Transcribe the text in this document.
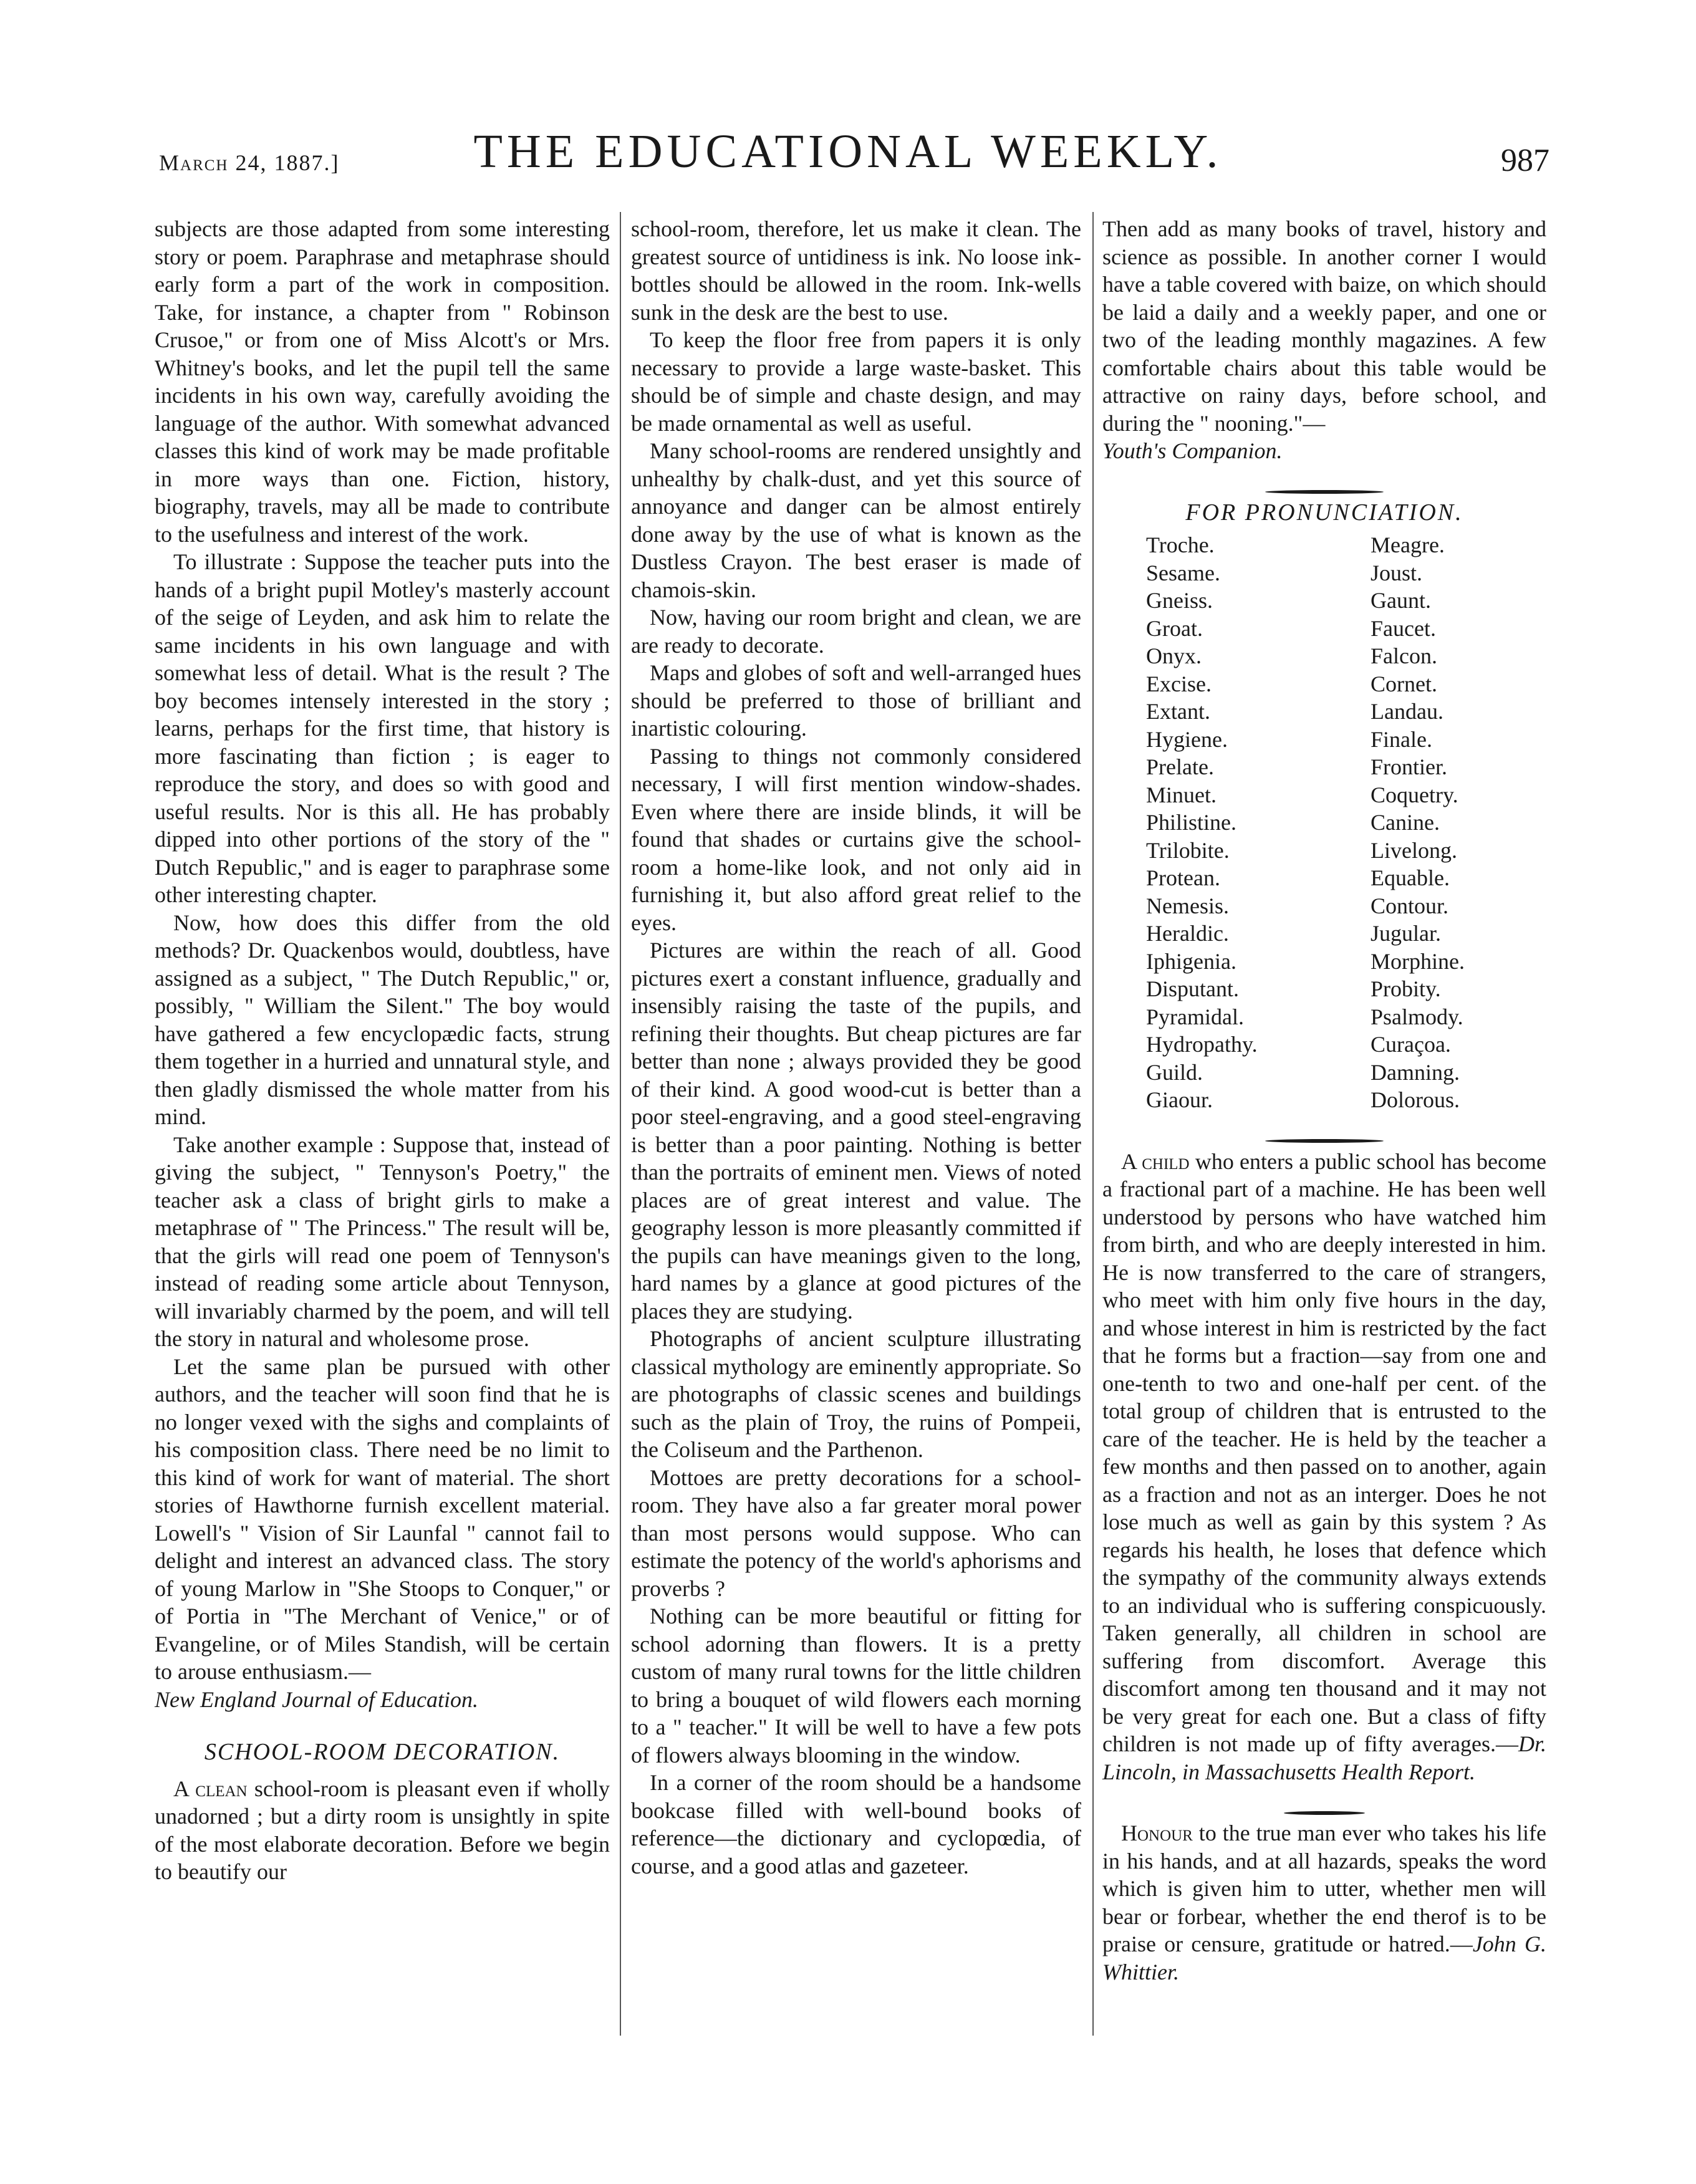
March 24, 1887.]	THE EDUCATIONAL WEEKLY.	987

subjects are those adapted from some interesting story or poem. Paraphrase and metaphrase should early form a part of the work in composition. Take, for instance, a chapter from " Robinson Crusoe," or from one of Miss Alcott's or Mrs. Whitney's books, and let the pupil tell the same incidents in his own way, carefully avoiding the language of the author. With somewhat advanced classes this kind of work may be made profitable in more ways than one. Fiction, history, biography, travels, may all be made to contribute to the usefulness and interest of the work.

To illustrate : Suppose the teacher puts into the hands of a bright pupil Motley's masterly account of the seige of Leyden, and ask him to relate the same incidents in his own language and with somewhat less of detail. What is the result ? The boy becomes intensely interested in the story ; learns, perhaps for the first time, that history is more fascinating than fiction ; is eager to reproduce the story, and does so with good and useful results. Nor is this all. He has probably dipped into other portions of the story of the " Dutch Republic," and is eager to paraphrase some other interesting chapter.

Now, how does this differ from the old methods? Dr. Quackenbos would, doubtless, have assigned as a subject, " The Dutch Republic," or, possibly, " William the Silent." The boy would have gathered a few encyclopædic facts, strung them together in a hurried and unnatural style, and then gladly dismissed the whole matter from his mind.

Take another example : Suppose that, instead of giving the subject, " Tennyson's Poetry," the teacher ask a class of bright girls to make a metaphrase of " The Princess." The result will be, that the girls will read one poem of Tennyson's instead of reading some article about Tennyson, will invariably charmed by the poem, and will tell the story in natural and wholesome prose.

Let the same plan be pursued with other authors, and the teacher will soon find that he is no longer vexed with the sighs and complaints of his composition class. There need be no limit to this kind of work for want of material. The short stories of Hawthorne furnish excellent material. Lowell's " Vision of Sir Launfal " cannot fail to delight and interest an advanced class. The story of young Marlow in "She Stoops to Conquer," or of Portia in "The Merchant of Venice," or of Evangeline, or of Miles Standish, will be certain to arouse enthusiasm.—

New England Journal of Education.

SCHOOL-ROOM DECORATION.

A clean school-room is pleasant even if wholly unadorned ; but a dirty room is unsightly in spite of the most elaborate decoration. Before we begin to beautify our

school-room, therefore, let us make it clean. The greatest source of untidiness is ink. No loose ink-bottles should be allowed in the room. Ink-wells sunk in the desk are the best to use.

To keep the floor free from papers it is only necessary to provide a large waste-basket. This should be of simple and chaste design, and may be made ornamental as well as useful.

Many school-rooms are rendered unsightly and unhealthy by chalk-dust, and yet this source of annoyance and danger can be almost entirely done away by the use of what is known as the Dustless Crayon. The best eraser is made of chamois-skin.

Now, having our room bright and clean, we are are ready to decorate.

Maps and globes of soft and well-arranged hues should be preferred to those of brilliant and inartistic colouring.

Passing to things not commonly considered necessary, I will first mention window-shades. Even where there are inside blinds, it will be found that shades or curtains give the school-room a home-like look, and not only aid in furnishing it, but also afford great relief to the eyes.

Pictures are within the reach of all. Good pictures exert a constant influence, gradually and insensibly raising the taste of the pupils, and refining their thoughts. But cheap pictures are far better than none ; always provided they be good of their kind. A good wood-cut is better than a poor steel-engraving, and a good steel-engraving is better than a poor painting. Nothing is better than the portraits of eminent men. Views of noted places are of great interest and value. The geography lesson is more pleasantly committed if the pupils can have meanings given to the long, hard names by a glance at good pictures of the places they are studying.

Photographs of ancient sculpture illustrating classical mythology are eminently appropriate. So are photographs of classic scenes and buildings such as the plain of Troy, the ruins of Pompeii, the Coliseum and the Parthenon.

Mottoes are pretty decorations for a school-room. They have also a far greater moral power than most persons would suppose. Who can estimate the potency of the world's aphorisms and proverbs ?

Nothing can be more beautiful or fitting for school adorning than flowers. It is a pretty custom of many rural towns for the little children to bring a bouquet of wild flowers each morning to a " teacher." It will be well to have a few pots of flowers always blooming in the window.

In a corner of the room should be a handsome bookcase filled with well-bound books of reference—the dictionary and cyclopœdia, of course, and a good atlas and gazeteer.

Then add as many books of travel, history and science as possible. In another corner I would have a table covered with baize, on which should be laid a daily and a weekly paper, and one or two of the leading monthly magazines. A few comfortable chairs about this table would be attractive on rainy days, before school, and during the " nooning."—

Youth's Companion.

FOR PRONUNCIATION.
Troche.	Meagre.
Sesame.	Joust.
Gneiss.	Gaunt.
Groat.	Faucet.
Onyx.	Falcon.
Excise.	Cornet.
Extant.	Landau.
Hygiene.	Finale.
Prelate.	Frontier.
Minuet.	Coquetry.
Philistine.	Canine.
Trilobite.	Livelong.
Protean.	Equable.
Nemesis.	Contour.
Heraldic.	Jugular.
Iphigenia.	Morphine.
Disputant.	Probity.
Pyramidal.	Psalmody.
Hydropathy.	Curaçoa.
Guild.	Damning.
Giaour.	Dolorous.

A child who enters a public school has become a fractional part of a machine. He has been well understood by persons who have watched him from birth, and who are deeply interested in him. He is now transferred to the care of strangers, who meet with him only five hours in the day, and whose interest in him is restricted by the fact that he forms but a fraction—say from one and one-tenth to two and one-half per cent. of the total group of children that is entrusted to the care of the teacher. He is held by the teacher a few months and then passed on to another, again as a fraction and not as an interger. Does he not lose much as well as gain by this system ? As regards his health, he loses that defence which the sympathy of the community always extends to an individual who is suffering conspicuously. Taken generally, all children in school are suffering from discomfort. Average this discomfort among ten thousand and it may not be very great for each one. But a class of fifty children is not made up of fifty averages.—Dr. Lincoln, in Massachusetts Health Report.

Honour to the true man ever who takes his life in his hands, and at all hazards, speaks the word which is given him to utter, whether men will bear or forbear, whether the end therof is to be praise or censure, gratitude or hatred.—John G. Whittier.
